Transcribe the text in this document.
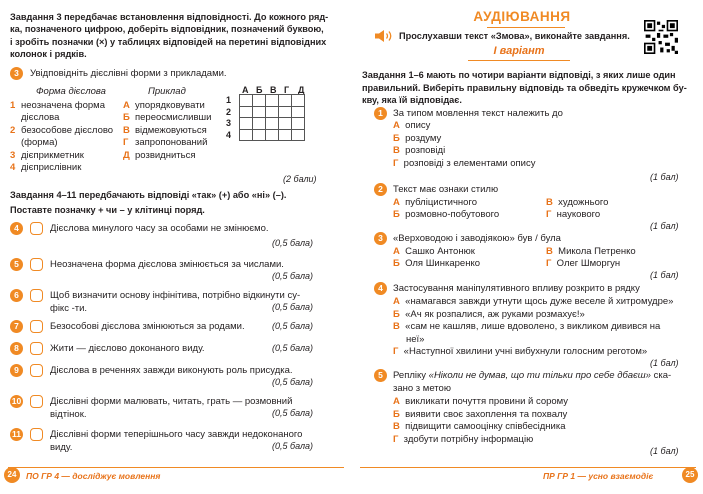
Завдання 3 передбачає встановлення відповідності. До кожного ряд-
ка, позначеного цифрою, доберіть відповідник, позначений буквою,
і зробіть позначки (×) у таблицях відповідей на перетині відповідних
колонок і рядків.
3	Увідповідніть дієслівні форми з прикладами.
Форма дієслова	Приклад
1 неозначена форма
дієслова
2 безособове дієслово
(форма)
3 дієприкметник
4 дієприслівник
А упорядковувати
Б переосмисливши
В відмежовуються
Г запропонований
Д розвидниться
А Б В Г Д
1
2
3
4

(2 бали)
Завдання 4–11 передбачають відповіді «так» (+) або «ні» (–).
Поставте позначку + чи – у клітинці поряд.
4	Дієслова минулого часу за особами не змінюємо.
(0,5 бала)
5	Неозначена форма дієслова змінюється за числами.
(0,5 бала)
6	Щоб визначити основу інфінітива, потрібно відкинути су-
фікс -ти.	(0,5 бала)
7	Безособові дієслова змінюються за родами.	(0,5 бала)
8	Жити — дієслово доконаного виду.	(0,5 бала)
9	Дієслова в реченнях завжди виконують роль присудка.
(0,5 бала)
10	Дієслівні форми малювать, читать, грать — розмовний
відтінок.	(0,5 бала)
11	Дієслівні форми теперішнього часу завжди недоконаного
виду.	(0,5 бала)
24	ПО ГР 4 — досліджує мовлення
АУДІЮВАННЯ
Прослухавши текст «Змова», виконайте завдання.
І варіант
Завдання 1–6 мають по чотири варіанти відповіді, з яких лише один
правильний. Виберіть правильну відповідь та обведіть кружечком бу-
кву, яка їй відповідає.
1	За типом мовлення текст належить до
А опису
Б роздуму
В розповіді
Г розповіді з елементами опису
(1 бал)
2	Текст має ознаки стилю
А публіцистичного	В художнього
Б розмовно-побутового	Г наукового
(1 бал)
3	«Верховодою і заводіякою» був / була
А Сашко Антонюк	В Микола Петренко
Б Оля Шинкаренко	Г Олег Шморгун
(1 бал)
4	Застосування маніпулятивного впливу розкрито в рядку
А «намагався завжди утнути щось дуже веселе й хитромудре»
Б «Ач як розпалися, аж руками розмахує!»
В «сам не кашляв, лише вдоволено, з викликом дивився на
неї»
Г «Наступної хвилини учні вибухнули голосним реготом»
(1 бал)
5	Репліку «Ніколи не думав, що ти тільки про себе дбаєш» ска-
зано з метою
А викликати почуття провини й сорому
Б виявити своє захоплення та похвалу
В підвищити самооцінку співбесідника
Г здобути потрібну інформацію
(1 бал)
ПР ГР 1 — усно взаємодіє	25
